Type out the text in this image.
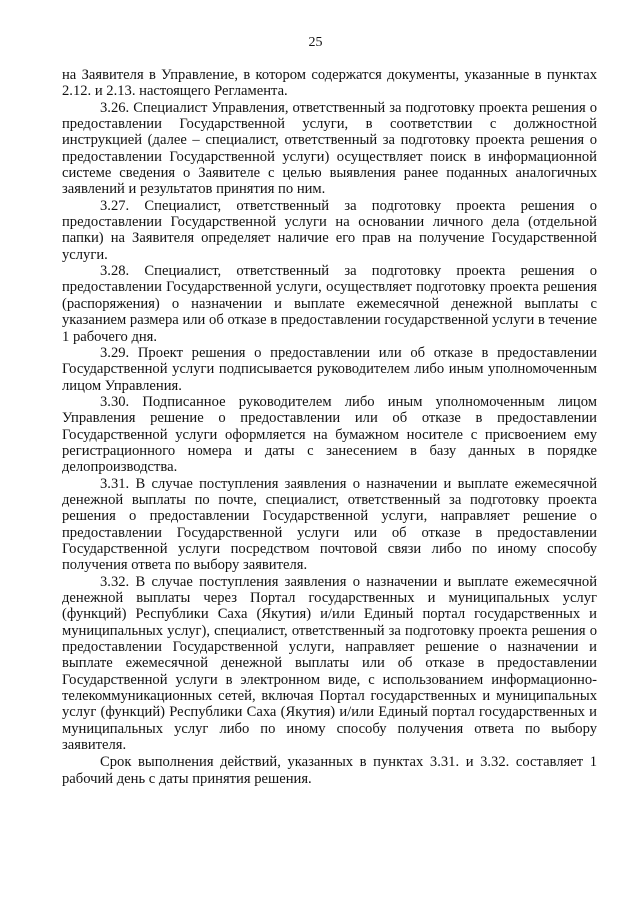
25

на Заявителя в Управление, в котором содержатся документы, указанные в пунктах 2.12. и 2.13. настоящего Регламента.

3.26. Специалист Управления, ответственный за подготовку проекта решения о предоставлении Государственной услуги, в соответствии с должностной инструкцией (далее – специалист, ответственный за подготовку проекта решения о предоставлении Государственной услуги) осуществляет поиск в информационной системе сведения о Заявителе с целью выявления ранее поданных аналогичных заявлений и результатов принятия по ним.

3.27. Специалист, ответственный за подготовку проекта решения о предоставлении Государственной услуги на основании личного дела (отдельной папки) на Заявителя определяет наличие его прав на получение Государственной услуги.

3.28. Специалист, ответственный за подготовку проекта решения о предоставлении Государственной услуги, осуществляет подготовку проекта решения (распоряжения) о назначении и выплате ежемесячной денежной выплаты с указанием размера или об отказе в предоставлении государственной услуги в течение 1 рабочего дня.

3.29. Проект решения о предоставлении или об отказе в предоставлении Государственной услуги подписывается руководителем либо иным уполномоченным лицом Управления.

3.30. Подписанное руководителем либо иным уполномоченным лицом Управления решение о предоставлении или об отказе в предоставлении Государственной услуги оформляется на бумажном носителе с присвоением ему регистрационного номера и даты с занесением в базу данных в порядке делопроизводства.

3.31. В случае поступления заявления о назначении и выплате ежемесячной денежной выплаты по почте, специалист, ответственный за подготовку проекта решения о предоставлении Государственной услуги, направляет решение о предоставлении Государственной услуги или об отказе в предоставлении Государственной услуги посредством почтовой связи либо по иному способу получения ответа по выбору заявителя.

3.32. В случае поступления заявления о назначении и выплате ежемесячной денежной выплаты через Портал государственных и муниципальных услуг (функций) Республики Саха (Якутия) и/или Единый портал государственных и муниципальных услуг), специалист, ответственный за подготовку проекта решения о предоставлении Государственной услуги, направляет решение о назначении и выплате ежемесячной денежной выплаты или об отказе в предоставлении Государственной услуги в электронном виде, с использованием информационно-телекоммуникационных сетей, включая Портал государственных и муниципальных услуг (функций) Республики Саха (Якутия) и/или Единый портал государственных и муниципальных услуг либо по иному способу получения ответа по выбору заявителя.

Срок выполнения действий, указанных в пунктах 3.31. и 3.32. составляет 1 рабочий день с даты принятия решения.
